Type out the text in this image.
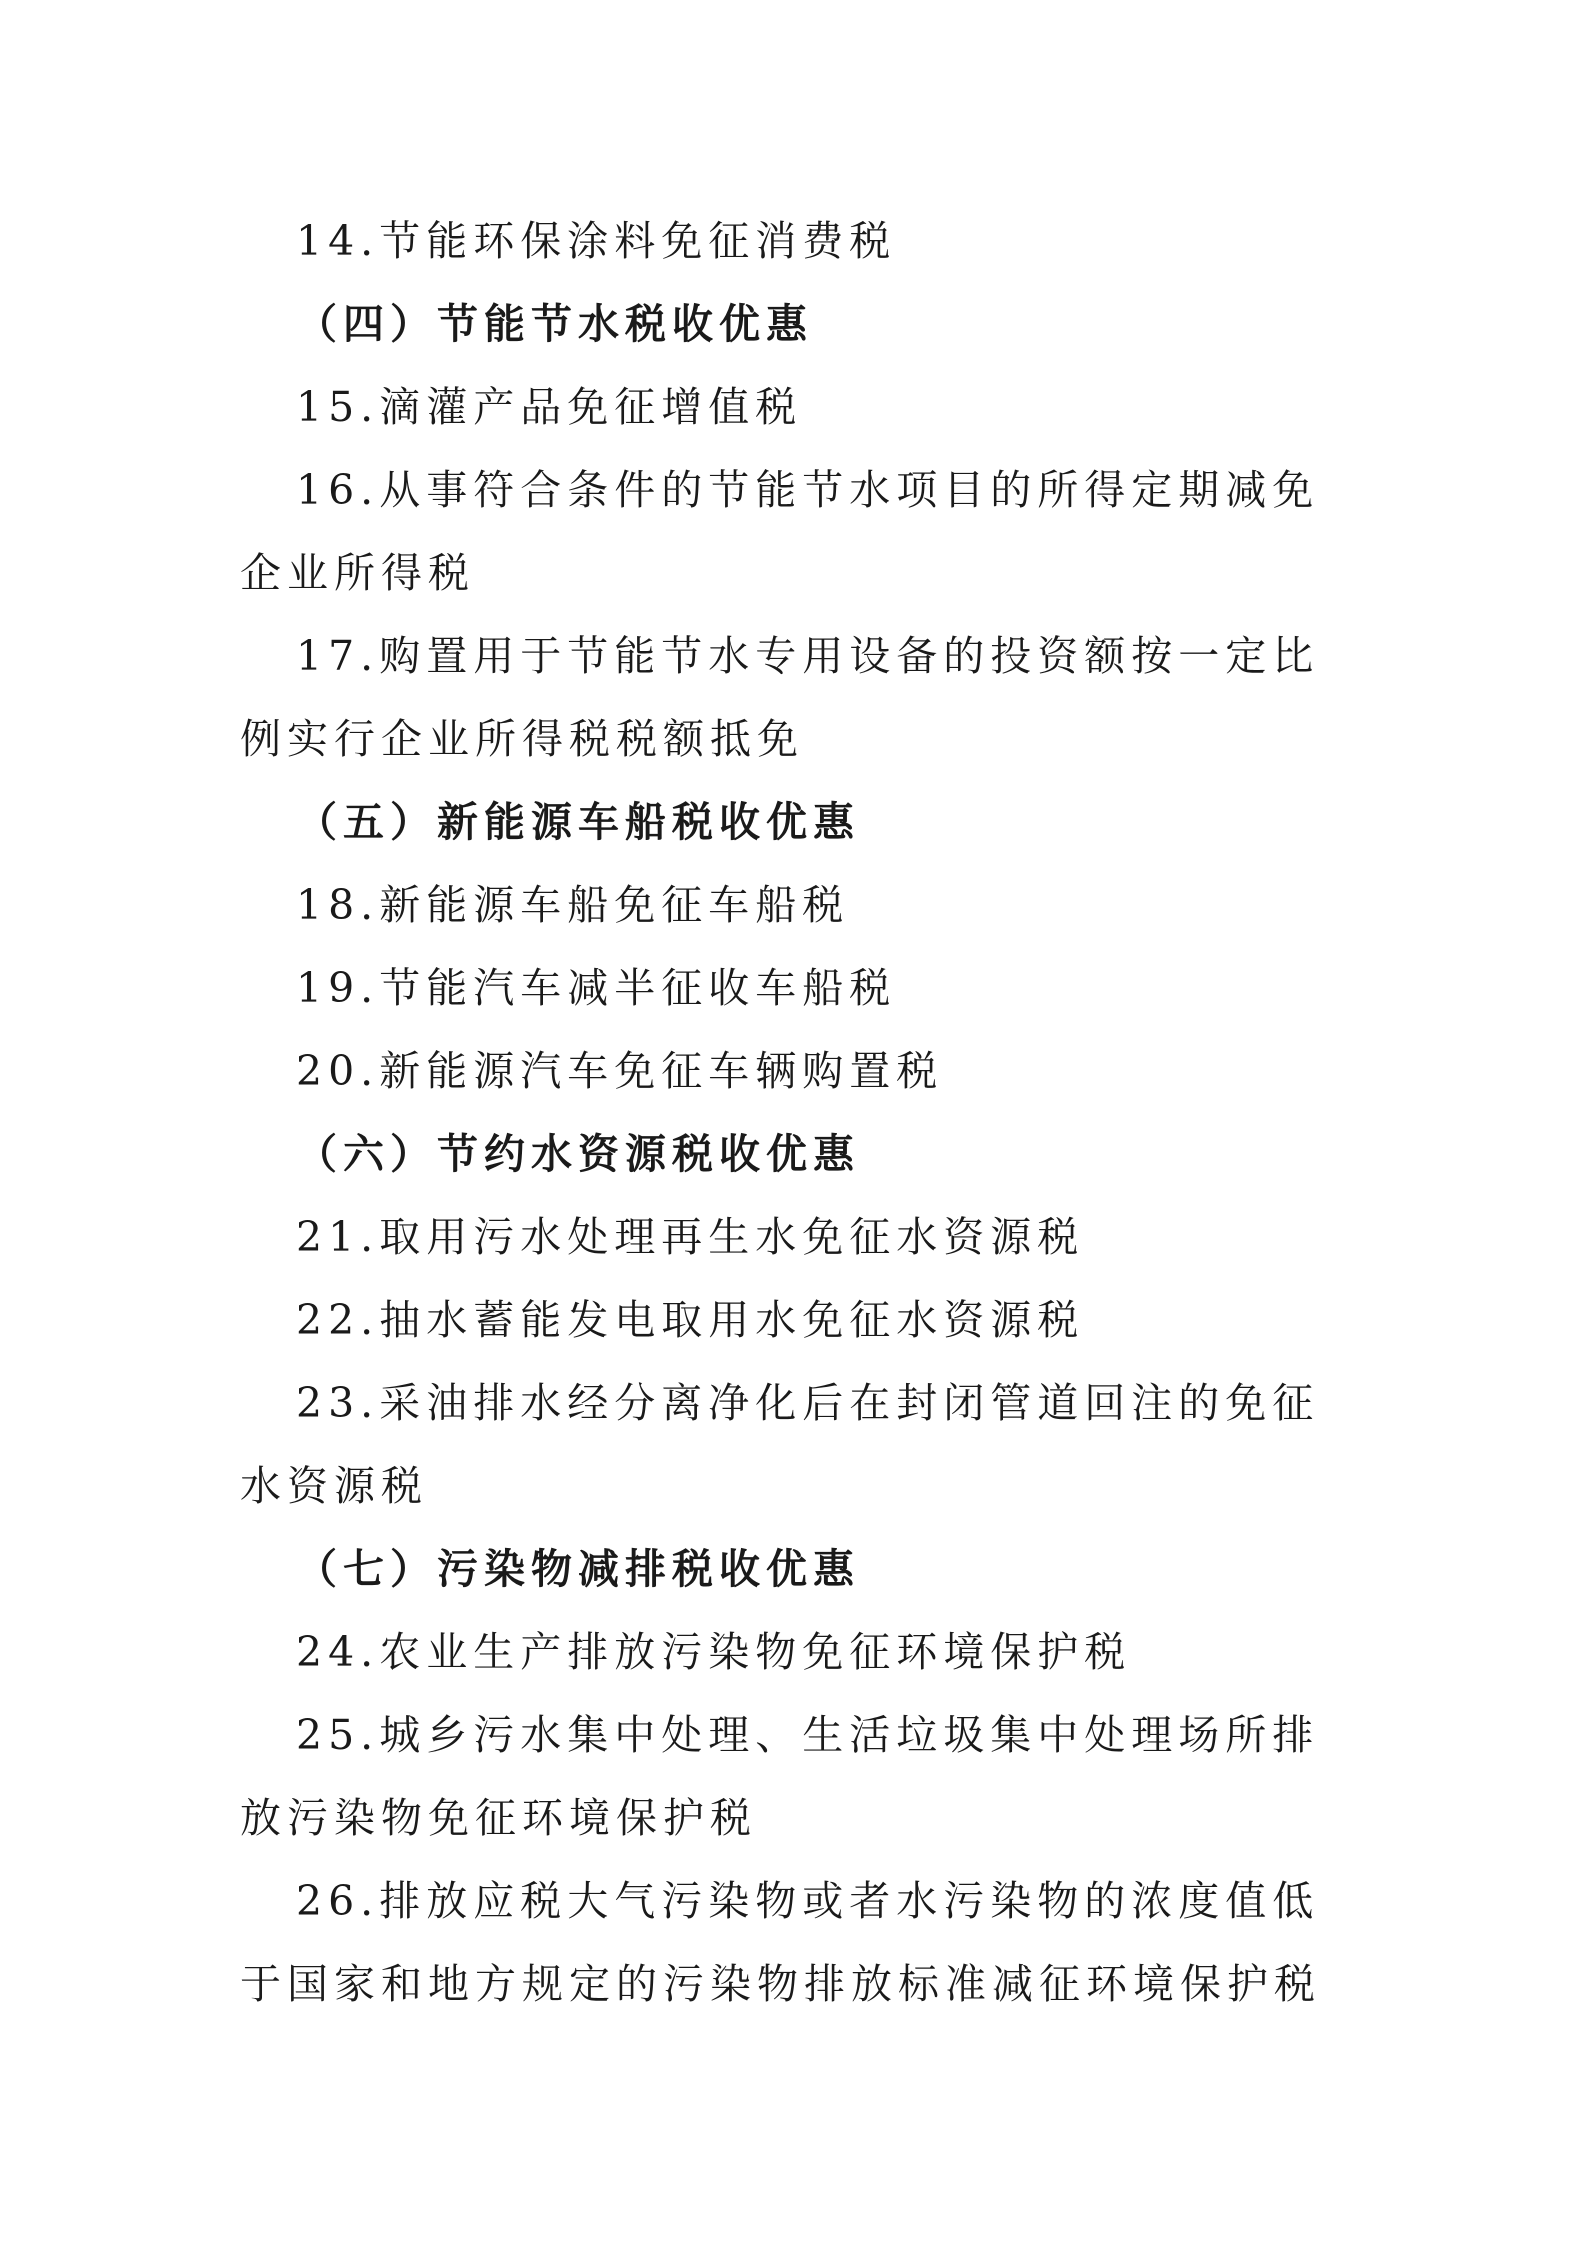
14.节能环保涂料免征消费税

（四）节能节水税收优惠

15.滴灌产品免征增值税

16.从事符合条件的节能节水项目的所得定期减免企业所得税

17.购置用于节能节水专用设备的投资额按一定比例实行企业所得税税额抵免

（五）新能源车船税收优惠

18.新能源车船免征车船税

19.节能汽车减半征收车船税

20.新能源汽车免征车辆购置税

（六）节约水资源税收优惠

21.取用污水处理再生水免征水资源税

22.抽水蓄能发电取用水免征水资源税

23.采油排水经分离净化后在封闭管道回注的免征水资源税

（七）污染物减排税收优惠

24.农业生产排放污染物免征环境保护税

25.城乡污水集中处理、生活垃圾集中处理场所排放污染物免征环境保护税

26.排放应税大气污染物或者水污染物的浓度值低于国家和地方规定的污染物排放标准减征环境保护税
